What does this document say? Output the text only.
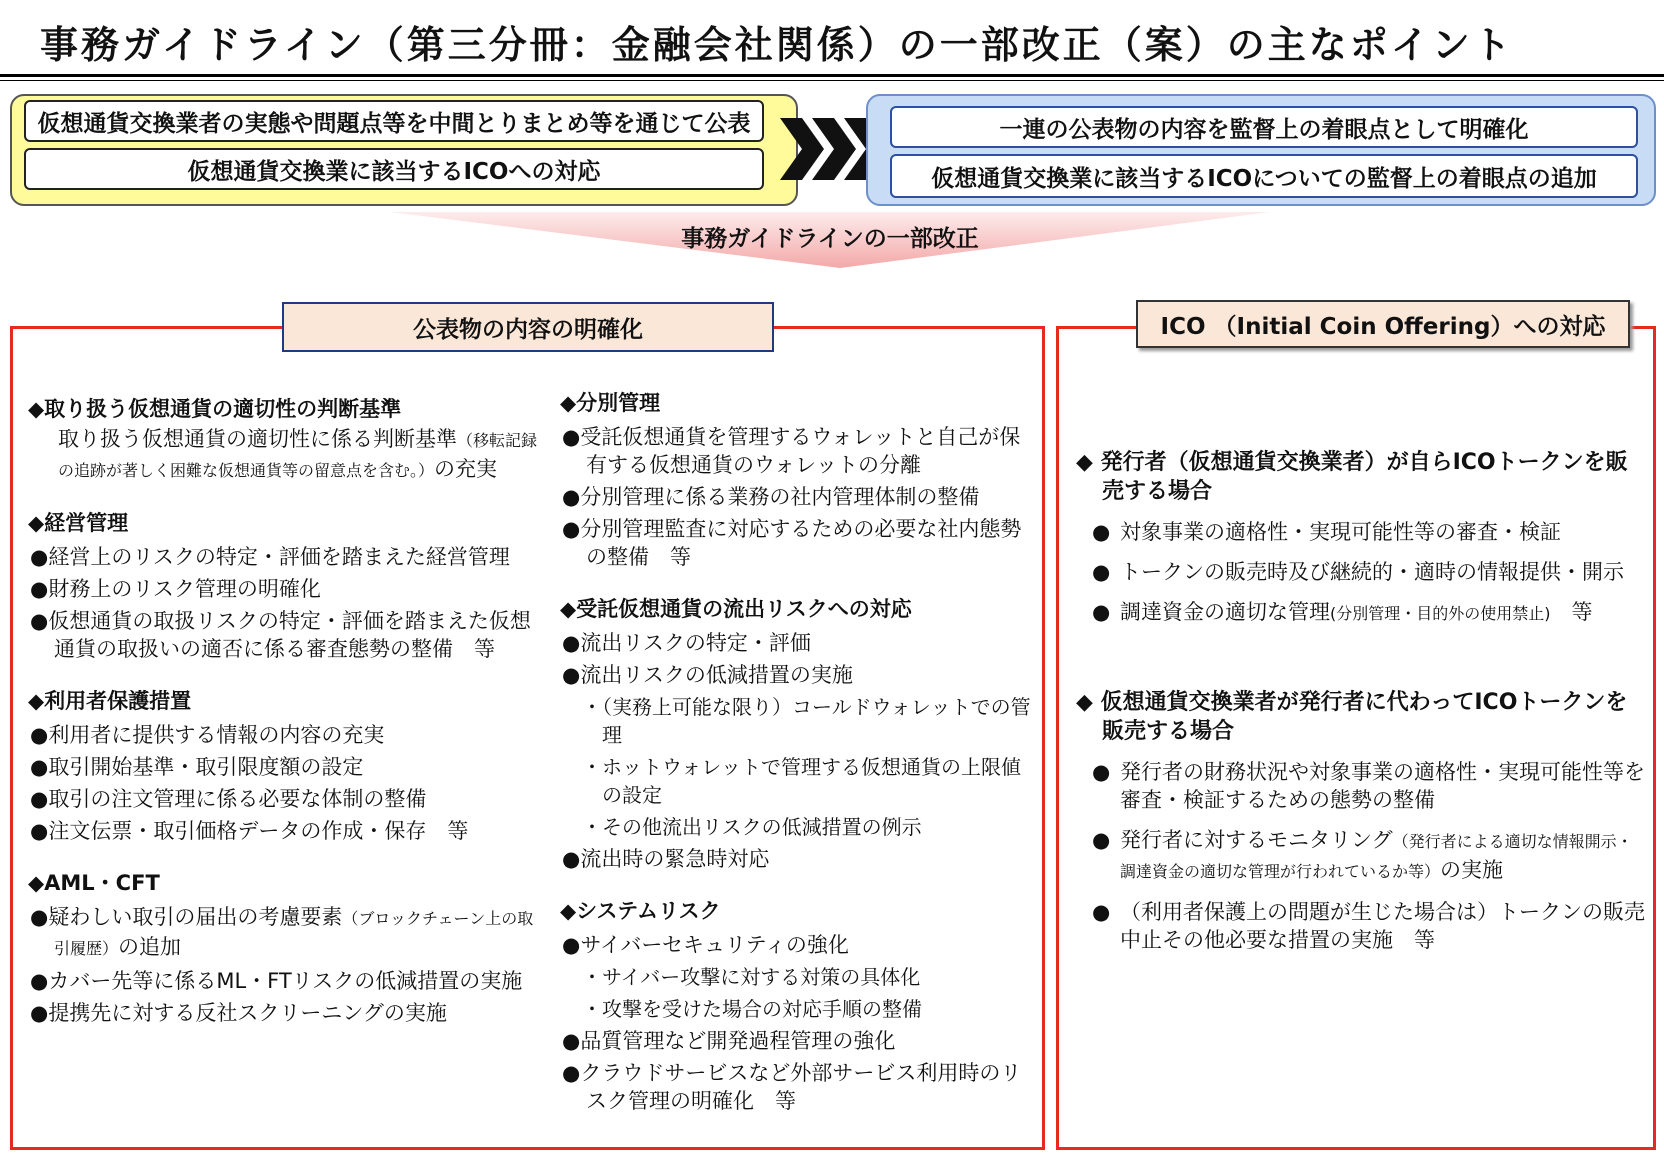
事務ガイドライン（第三分冊：金融会社関係）の一部改正（案）の主なポイント
仮想通貨交換業者の実態や問題点等を中間とりまとめ等を通じて公表
仮想通貨交換業に該当するICOへの対応
一連の公表物の内容を監督上の着眼点として明確化
仮想通貨交換業に該当するICOについての監督上の着眼点の追加
事務ガイドラインの一部改正
公表物の内容の明確化	ICO （Initial Coin Offering）への対応
◆取り扱う仮想通貨の適切性の判断基準
取り扱う仮想通貨の適切性に係る判断基準（移転記録の追跡が著しく困難な仮想通貨等の留意点を含む。）の充実
◆経営管理
●経営上のリスクの特定・評価を踏まえた経営管理
●財務上のリスク管理の明確化
●仮想通貨の取扱リスクの特定・評価を踏まえた仮想通貨の取扱いの適否に係る審査態勢の整備　等
◆利用者保護措置
●利用者に提供する情報の内容の充実
●取引開始基準・取引限度額の設定
●取引の注文管理に係る必要な体制の整備
●注文伝票・取引価格データの作成・保存　等
◆AML・CFT
●疑わしい取引の届出の考慮要素（ブロックチェーン上の取引履歴）の追加
●カバー先等に係るML・FTリスクの低減措置の実施
●提携先に対する反社スクリーニングの実施
◆分別管理
●受託仮想通貨を管理するウォレットと自己が保有する仮想通貨のウォレットの分離
●分別管理に係る業務の社内管理体制の整備
●分別管理監査に対応するための必要な社内態勢の整備　等
◆受託仮想通貨の流出リスクへの対応
●流出リスクの特定・評価
●流出リスクの低減措置の実施
・（実務上可能な限り）コールドウォレットでの管理
・ホットウォレットで管理する仮想通貨の上限値の設定
・その他流出リスクの低減措置の例示
●流出時の緊急時対応
◆システムリスク
●サイバーセキュリティの強化
・サイバー攻撃に対する対策の具体化
・攻撃を受けた場合の対応手順の整備
●品質管理など開発過程管理の強化
●クラウドサービスなど外部サービス利用時のリスク管理の明確化　等
◆ 発行者（仮想通貨交換業者）が自らICOトークンを販売する場合
● 対象事業の適格性・実現可能性等の審査・検証
● トークンの販売時及び継続的・適時の情報提供・開示
● 調達資金の適切な管理(分別管理・目的外の使用禁止)　等
◆ 仮想通貨交換業者が発行者に代わってICOトークンを販売する場合
● 発行者の財務状況や対象事業の適格性・実現可能性等を審査・検証するための態勢の整備
● 発行者に対するモニタリング（発行者による適切な情報開示・調達資金の適切な管理が行われているか等）の実施
● （利用者保護上の問題が生じた場合は）トークンの販売中止その他必要な措置の実施　等
